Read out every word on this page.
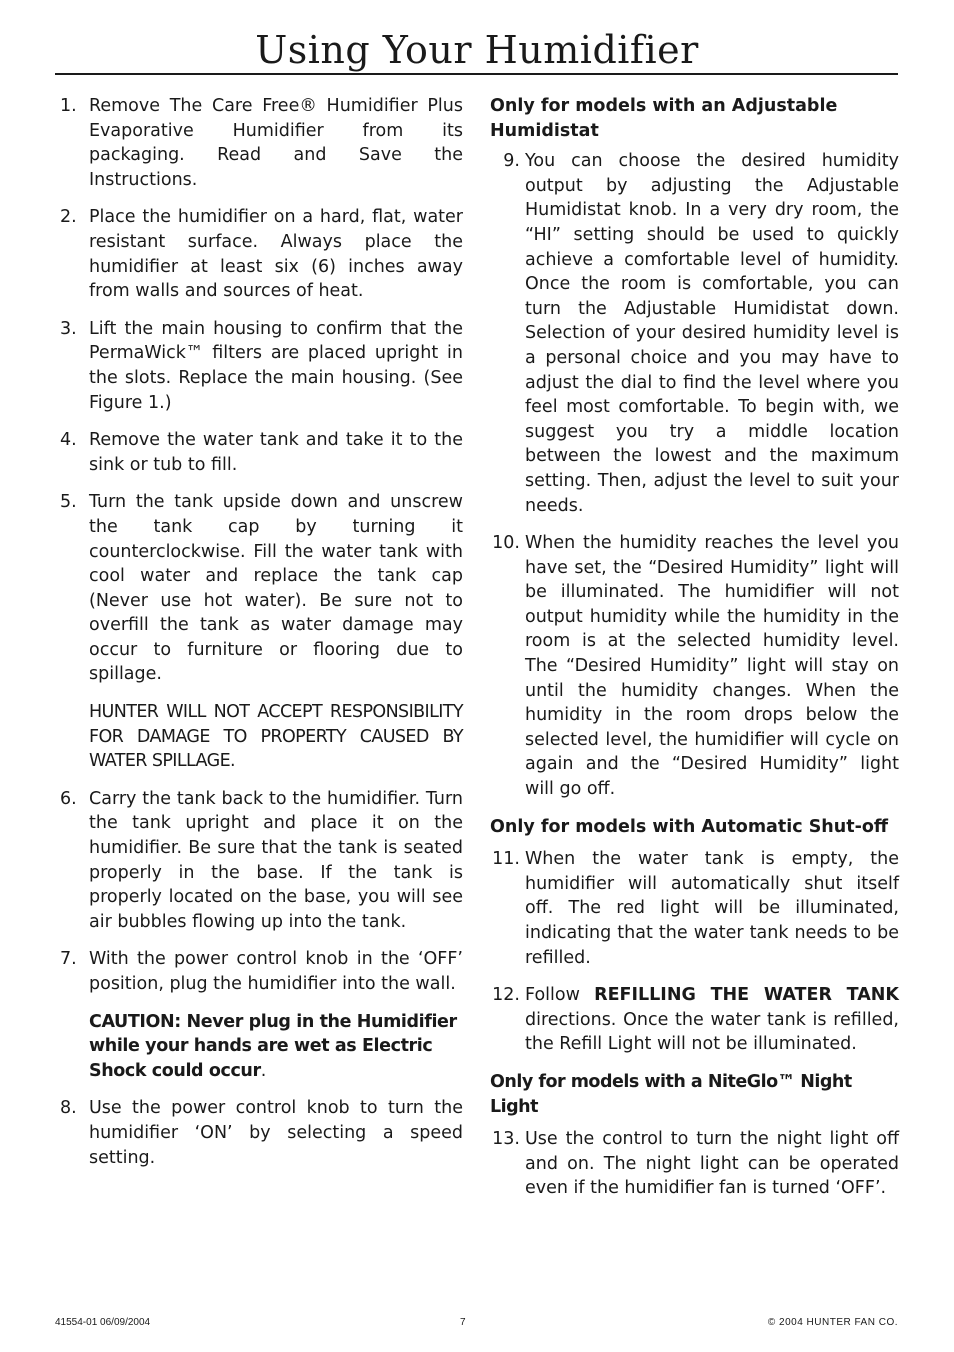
Using Your Humidifier
1. Remove The Care Free® Humidifier Plus Evaporative Humidifier from its packaging. Read and Save the Instructions.
2. Place the humidifier on a hard, flat, water resistant surface. Always place the humidifier at least six (6) inches away from walls and sources of heat.
3. Lift the main housing to confirm that the PermaWick™ filters are placed upright in the slots. Replace the main housing. (See Figure 1.)
4. Remove the water tank and take it to the sink or tub to fill.
5. Turn the tank upside down and unscrew the tank cap by turning it counterclockwise. Fill the water tank with cool water and replace the tank cap (Never use hot water). Be sure not to overfill the tank as water damage may occur to furniture or flooring due to spillage.
HUNTER WILL NOT ACCEPT RESPONSIBILITY FOR DAMAGE TO PROPERTY CAUSED BY WATER SPILLAGE.
6. Carry the tank back to the humidifier. Turn the tank upright and place it on the humidifier. Be sure that the tank is seated properly in the base. If the tank is properly located on the base, you will see air bubbles flowing up into the tank.
7. With the power control knob in the ‘OFF’ position, plug the humidifier into the wall.
CAUTION: Never plug in the Humidifier while your hands are wet as Electric Shock could occur.
8. Use the power control knob to turn the humidifier ‘ON’ by selecting a speed setting.
Only for models with an Adjustable Humidistat
9. You can choose the desired humidity output by adjusting the Adjustable Humidistat knob. In a very dry room, the “HI” setting should be used to quickly achieve a comfortable level of humidity. Once the room is comfortable, you can turn the Adjustable Humidistat down. Selection of your desired humidity level is a personal choice and you may have to adjust the dial to find the level where you feel most comfortable. To begin with, we suggest you try a middle location between the lowest and the maximum setting. Then, adjust the level to suit your needs.
10. When the humidity reaches the level you have set, the “Desired Humidity” light will be illuminated. The humidifier will not output humidity while the humidity in the room is at the selected humidity level. The “Desired Humidity” light will stay on until the humidity changes. When the humidity in the room drops below the selected level, the humidifier will cycle on again and the “Desired Humidity” light will go off.
Only for models with Automatic Shut-off
11. When the water tank is empty, the humidifier will automatically shut itself off. The red light will be illuminated, indicating that the water tank needs to be refilled.
12. Follow REFILLING THE WATER TANK directions. Once the water tank is refilled, the Refill Light will not be illuminated.
Only for models with a NiteGlo™ Night Light
13. Use the control to turn the night light off and on. The night light can be operated even if the humidifier fan is turned ‘OFF’.
41554-01 06/09/2004	7	© 2004 HUNTER FAN CO.
